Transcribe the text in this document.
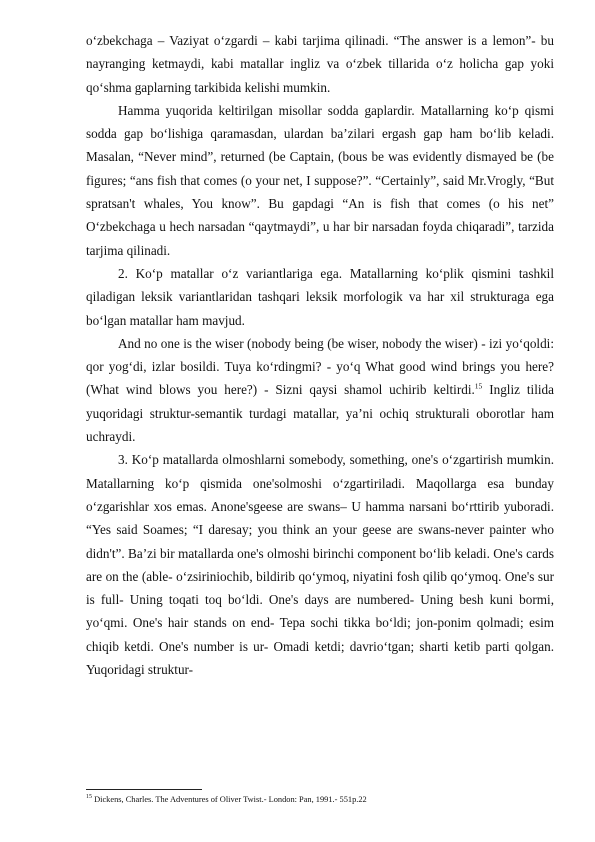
o‘zbekchaga – Vaziyat o‘zgardi – kabi tarjima qilinadi. “The answer is a lemon”- bu nayranging ketmaydi, kabi matallar ingliz va o‘zbek tillarida o‘z holicha gap yoki qo‘shma gaplarning tarkibida kelishi mumkin.

Hamma yuqorida keltirilgan misollar sodda gaplardir. Matallarning ko‘p qismi sodda gap bo‘lishiga qaramasdan, ulardan ba’zilari ergash gap ham bo‘lib keladi. Masalan, “Never mind”, returned (be Captain, (bous be was evidently dismayed be (be figures; “ans fish that comes (o your net, I suppose?”. “Certainly”, said Mr.Vrogly, “But spratsan't whales, You know”. Bu gapdagi “An is fish that comes (o his net” O‘zbekchaga u hech narsadan “qaytmaydi”, u har bir narsadan foyda chiqaradi”, tarzida tarjima qilinadi.

2. Ko‘p matallar o‘z variantlariga ega. Matallarning ko‘plik qismini tashkil qiladigan leksik variantlaridan tashqari leksik morfologik va har xil strukturaga ega bo‘lgan matallar ham mavjud.

And no one is the wiser (nobody being (be wiser, nobody the wiser) - izi yo‘qoldi: qor yog‘di, izlar bosildi. Tuya ko‘rdingmi? - yo‘q What good wind brings you here? (What wind blows you here?) - Sizni qaysi shamol uchirib keltirdi.$^{15}$ Ingliz tilida yuqoridagi struktur-semantik turdagi matallar, ya’ni ochiq strukturali oborotlar ham uchraydi.

3. Ko‘p matallarda olmoshlarni somebody, something, one's o‘zgartirish mumkin. Matallarning ko‘p qismida one'solmoshi o‘zgartiriladi. Maqollarga esa bunday o‘zgarishlar xos emas. Anone'sgeese are swans– U hamma narsani bo‘rttirib yuboradi. “Yes said Soames; “I daresay; you think an your geese are swans-never painter who didn't”. Ba’zi bir matallarda one's olmoshi birinchi component bo‘lib keladi. One's cards are on the (able- o‘zsiriniochib, bildirib qo‘ymoq, niyatini fosh qilib qo‘ymoq. One's sur is full- Uning toqati toq bo‘ldi. One's days are numbered- Uning besh kuni bormi, yo‘qmi. One's hair stands on end- Tepa sochi tikka bo‘ldi; jon-ponim qolmadi; esim chiqib ketdi. One's number is ur- Omadi ketdi; davrio‘tgan; sharti ketib parti qolgan. Yuqoridagi struktur-

$^{15}$ Dickens, Charles. The Adventures of Oliver Twist.- London: Pan, 1991.- 551p.22
